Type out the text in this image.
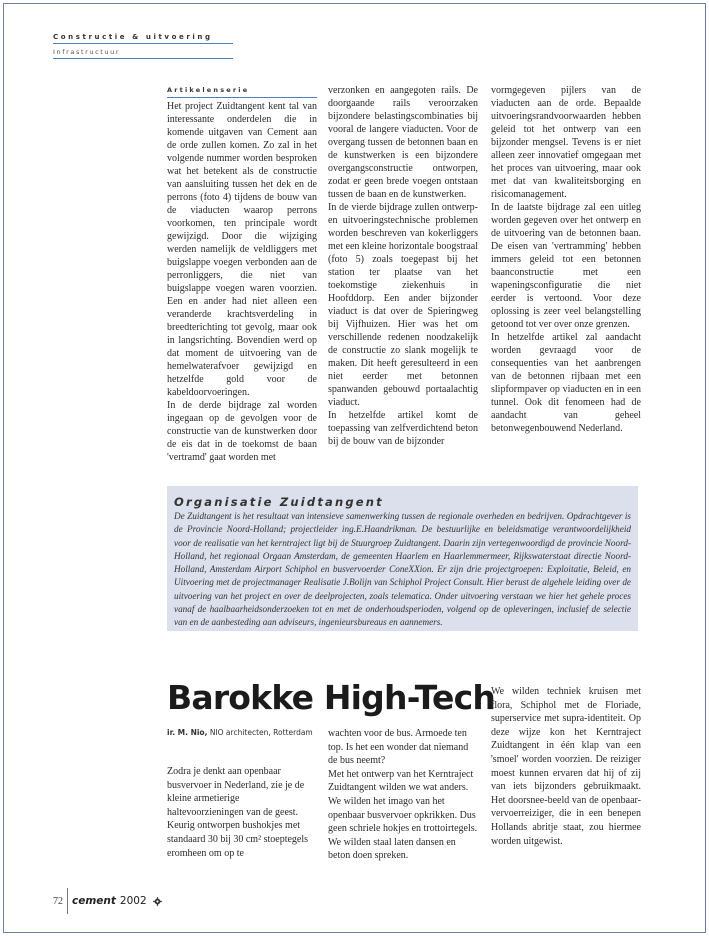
Constructie & uitvoering
Infrastructuur
Artikelenserie

Het project Zuidtangent kent tal van interessante onderdelen die in komende uitgaven van Cement aan de orde zullen komen. Zo zal in het volgende nummer worden besproken wat het betekent als de constructie van aansluiting tussen het dek en de perrons (foto 4) tijdens de bouw van de viaducten waarop perrons voorkomen, ten principale wordt gewijzigd. Door die wijziging werden namelijk de veldliggers met buigslappe voegen verbonden aan de perronliggers, die niet van buigslappe voegen waren voorzien. Een en ander had niet alleen een veranderde krachtsverdeling in breedterichting tot gevolg, maar ook in langsrichting. Bovendien werd op dat moment de uitvoering van de hemelwaterafvoer gewijzigd en hetzelfde gold voor de kabeldoorvoeringen.

In de derde bijdrage zal worden ingegaan op de gevolgen voor de constructie van de kunstwerken door de eis dat in de toekomst de baan 'vertramd' gaat worden met

verzonken en aangegoten rails. De doorgaande rails veroorzaken bijzondere belastingscombinaties bij vooral de langere viaducten. Voor de overgang tussen de betonnen baan en de kunstwerken is een bijzondere overgangsconstructie ontworpen, zodat er geen brede voegen ontstaan tussen de baan en de kunstwerken.

In de vierde bijdrage zullen ontwerp- en uitvoeringstechnische problemen worden beschreven van kokerliggers met een kleine horizontale boogstraal (foto 5) zoals toegepast bij het station ter plaatse van het toekomstige ziekenhuis in Hoofddorp. Een ander bijzonder viaduct is dat over de Spieringweg bij Vijfhuizen. Hier was het om verschillende redenen noodzakelijk de constructie zo slank mogelijk te maken. Dit heeft geresulteerd in een niet eerder met betonnen spanwanden gebouwd portaalachtig viaduct.

In hetzelfde artikel komt de toepassing van zelfverdichtend beton bij de bouw van de bijzonder

vormgegeven pijlers van de viaducten aan de orde. Bepaalde uitvoeringsrandvoorwaarden hebben geleid tot het ontwerp van een bijzonder mengsel. Tevens is er niet alleen zeer innovatief omgegaan met het proces van uitvoering, maar ook met dat van kwaliteitsborging en risicomanagement.

In de laatste bijdrage zal een uitleg worden gegeven over het ontwerp en de uitvoering van de betonnen baan. De eisen van 'vertramming' hebben immers geleid tot een betonnen baanconstructie met een wapeningsconfiguratie die niet eerder is vertoond. Voor deze oplossing is zeer veel belangstelling getoond tot ver over onze grenzen.

In hetzelfde artikel zal aandacht worden gevraagd voor de consequenties van het aanbrengen van de betonnen rijbaan met een slipformpaver op viaducten en in een tunnel. Ook dit fenomeen had de aandacht van geheel betonwegenbouwend Nederland.

Organisatie Zuidtangent
De Zuidtangent is het resultaat van intensieve samenwerking tussen de regionale overheden en bedrijven. Opdrachtgever is de Provincie Noord-Holland; projectleider ing.E.Haandrikman. De bestuurlijke en beleidsmatige verantwoordelijkheid voor de realisatie van het kerntraject ligt bij de Stuurgroep Zuidtangent. Daarin zijn vertegenwoordigd de provincie Noord-Holland, het regionaal Orgaan Amsterdam, de gemeenten Haarlem en Haarlemmermeer, Rijkswaterstaat directie Noord-Holland, Amsterdam Airport Schiphol en busvervoerder ConeXXion. Er zijn drie projectgroepen: Exploitatie, Beleid, en Uitvoering met de projectmanager Realisatie J.Bolijn van Schiphol Project Consult. Hier berust de algehele leiding over de uitvoering van het project en over de deelprojecten, zoals telematica. Onder uitvoering verstaan we hier het gehele proces vanaf de haalbaarheidsonderzoeken tot en met de onderhoudsperioden, volgend op de opleveringen, inclusief de selectie van en de aanbesteding aan adviseurs, ingenieursbureaus en aannemers.
Barokke High-Tech
ir. M. Nio, NIO architecten, Rotterdam

Zodra je denkt aan openbaar busvervoer in Nederland, zie je de kleine armetierige haltevoorzieningen van de geest. Keurig ontworpen bushokjes met standaard 30 bij 30 cm² stoeptegels eromheen om op te

wachten voor de bus. Armoede ten top. Is het een wonder dat niemand de bus neemt?

Met het ontwerp van het Kerntraject Zuidtangent wilden we wat anders. We wilden het imago van het openbaar busvervoer opkrikken. Dus geen schriele hokjes en trottoirtegels. We wilden staal laten dansen en beton doen spreken.

We wilden techniek kruisen met flora, Schiphol met de Floriade, superservice met supra-identiteit. Op deze wijze kon het Kerntraject Zuidtangent in één klap van een 'smoel' worden voorzien. De reiziger moest kunnen ervaren dat hij of zij van iets bijzonders gebruikmaakt. Het doorsnee-beeld van de openbaar-vervoerreiziger, die in een benepen Hollands abritje staat, zou hiermee worden uitgewist.

72 cement 2002
